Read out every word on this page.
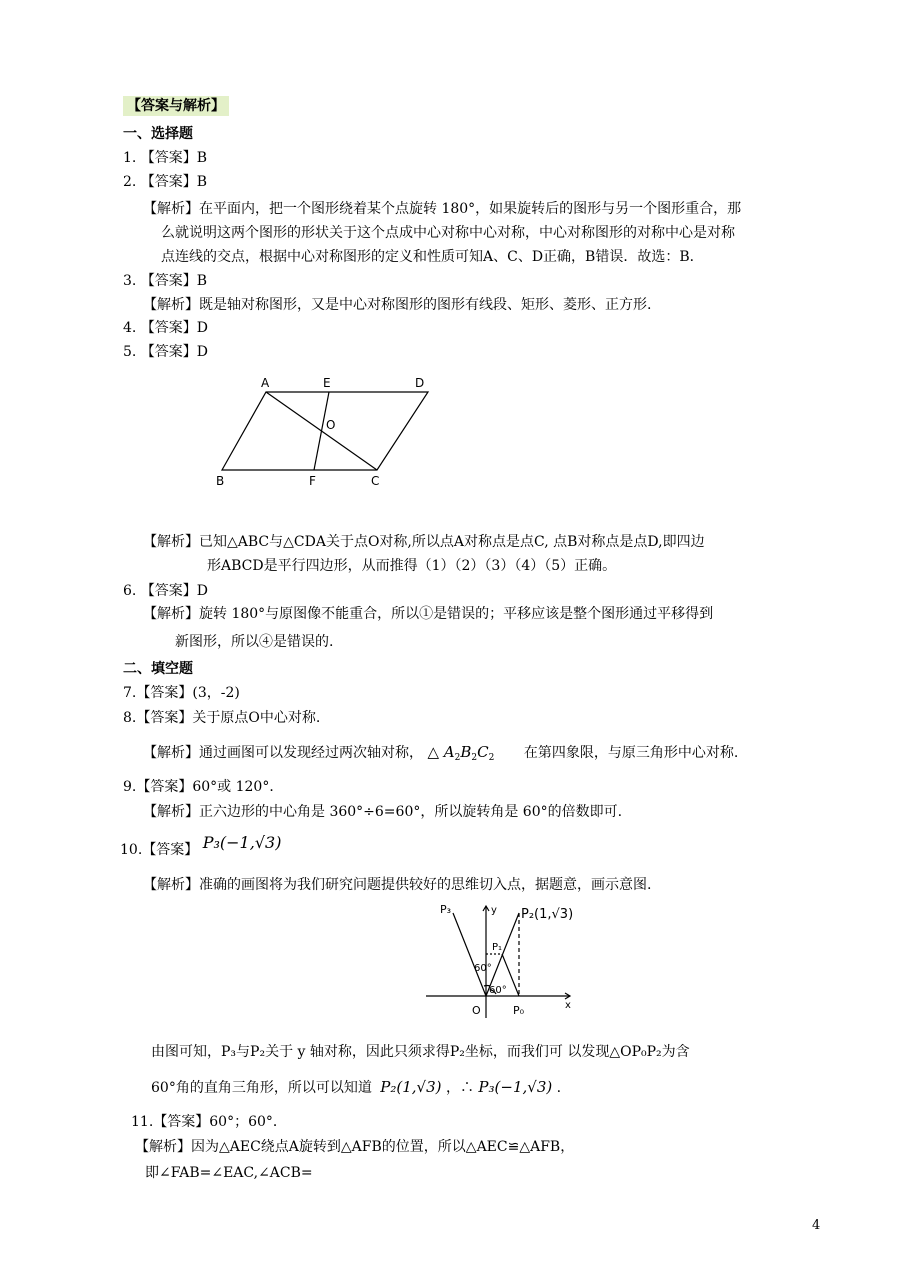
【答案与解析】
一、选择题
1. 【答案】B
2. 【答案】B
【解析】在平面内，把一个图形绕着某个点旋转 180°，如果旋转后的图形与另一个图形重合，那
么就说明这两个图形的形状关于这个点成中心对称中心对称，中心对称图形的对称中心是对称
点连线的交点，根据中心对称图形的定义和性质可知A、C、D正确，B错误．故选：B．
3. 【答案】B
【解析】既是轴对称图形，又是中心对称图形的图形有线段、矩形、菱形、正方形.
4. 【答案】D
5. 【答案】D
A	E	D
O
B	F	C
【解析】已知△ABC与△CDA关于点O对称,所以点A对称点是点C, 点B对称点是点D,即四边
形ABCD是平行四边形，从而推得（1）（2）（3）（4）（5）正确。
6. 【答案】D
【解析】旋转 180°与原图像不能重合，所以①是错误的；平移应该是整个图形通过平移得到
新图形，所以④是错误的.
二、填空题
7.【答案】(3，-2)
8.【答案】关于原点O中心对称.
【解析】通过画图可以发现经过两次轴对称， △ $A_2B_2C_2$ 在第四象限，与原三角形中心对称.
9.【答案】60°或 120°．
【解析】正六边形的中心角是 360°÷6=60°，所以旋转角是 60°的倍数即可.
10.【答案】 P₃(−1,√3)
【解析】准确的画图将为我们研究问题提供较好的思维切入点，据题意，画示意图.
P₃	y P₂(1,√3)
P₁
60°
60°
O	P₀	x
由图可知，P₃与P₂关于 y 轴对称，因此只须求得P₂坐标，而我们可 以发现△OP₀P₂为含
60°角的直角三角形，所以可以知道 P₂(1,√3) ，∴ P₃(−1,√3) .
11.【答案】60°；60°．
【解析】因为△AEC绕点A旋转到△AFB的位置，所以△AEC≌△AFB，
即∠FAB=∠EAC,∠ACB=
4
